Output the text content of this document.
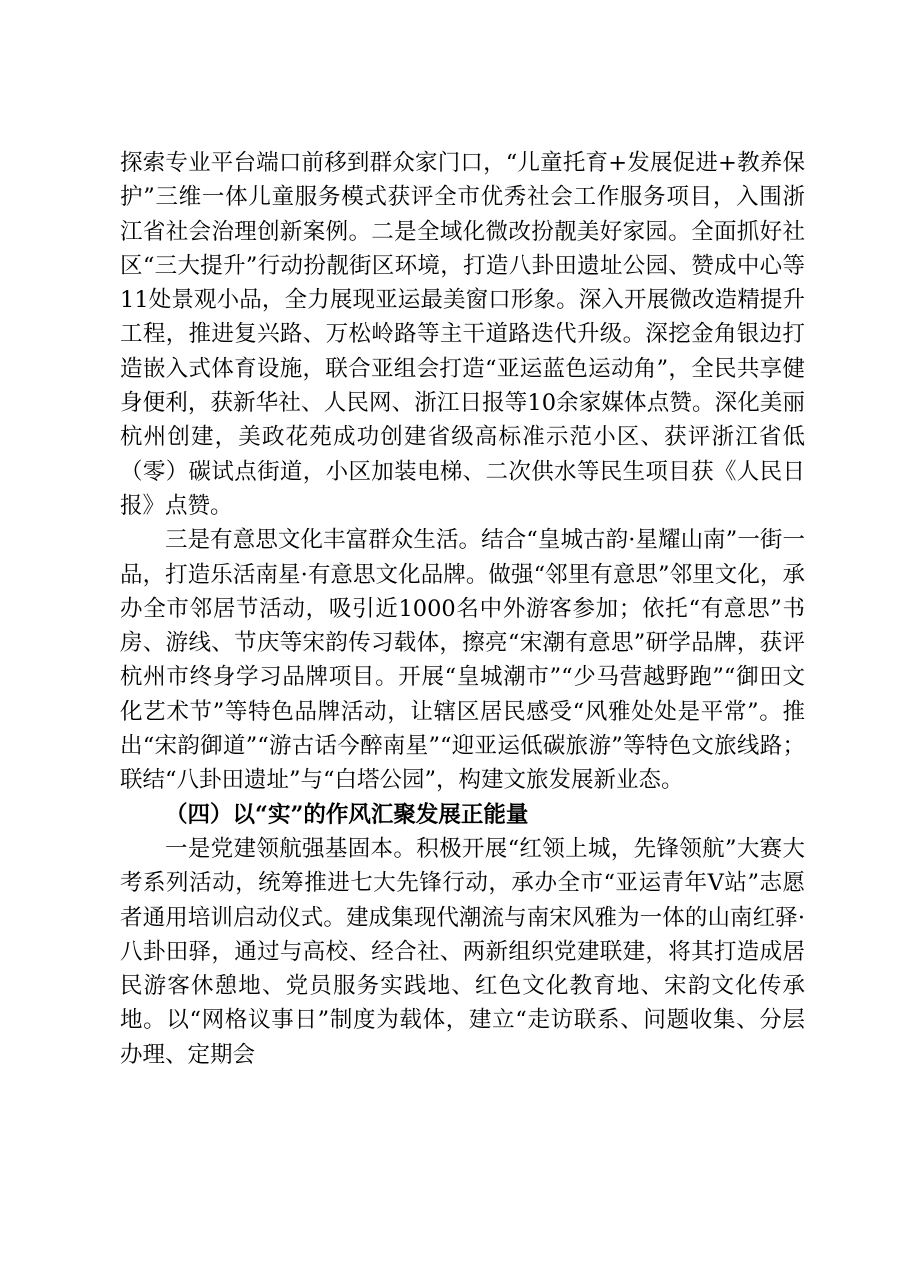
探索专业平台端口前移到群众家门口，“儿童托育+发展促进+教养保护”三维一体儿童服务模式获评全市优秀社会工作服务项目，入围浙江省社会治理创新案例。二是全域化微改扮靓美好家园。全面抓好社区“三大提升”行动扮靓街区环境，打造八卦田遗址公园、赞成中心等11处景观小品，全力展现亚运最美窗口形象。深入开展微改造精提升工程，推进复兴路、万松岭路等主干道路迭代升级。深挖金角银边打造嵌入式体育设施，联合亚组会打造“亚运蓝色运动角”，全民共享健身便利，获新华社、人民网、浙江日报等10余家媒体点赞。深化美丽杭州创建，美政花苑成功创建省级高标准示范小区、获评浙江省低（零）碳试点街道，小区加装电梯、二次供水等民生项目获《人民日报》点赞。

三是有意思文化丰富群众生活。结合“皇城古韵·星耀山南”一街一品，打造乐活南星·有意思文化品牌。做强“邻里有意思”邻里文化，承办全市邻居节活动，吸引近1000名中外游客参加；依托“有意思”书房、游线、节庆等宋韵传习载体，擦亮“宋潮有意思”研学品牌，获评杭州市终身学习品牌项目。开展“皇城潮市”“少马营越野跑”“御田文化艺术节”等特色品牌活动，让辖区居民感受“风雅处处是平常”。推出“宋韵御道”“游古话今醉南星”“迎亚运低碳旅游”等特色文旅线路；联结“八卦田遗址”与“白塔公园”，构建文旅发展新业态。

（四）以“实”的作风汇聚发展正能量

一是党建领航强基固本。积极开展“红领上城，先锋领航”大赛大考系列活动，统筹推进七大先锋行动，承办全市“亚运青年V站”志愿者通用培训启动仪式。建成集现代潮流与南宋风雅为一体的山南红驿·八卦田驿，通过与高校、经合社、两新组织党建联建，将其打造成居民游客休憩地、党员服务实践地、红色文化教育地、宋韵文化传承地。以“网格议事日”制度为载体，建立“走访联系、问题收集、分层办理、定期会
